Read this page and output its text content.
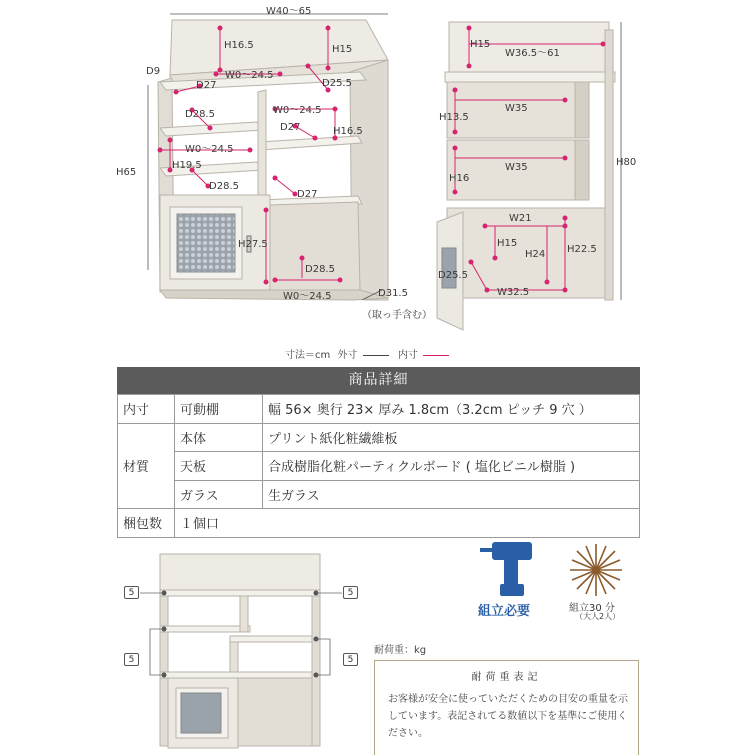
W40〜65
H16.5	H15
D9	W0〜24.5
D27	D25.5
W0〜24.5
D28.5
D27	H16.5
W0〜24.5
H65
H19.5
D28.5
D27
H27.5
D28.5
W0〜24.5	D31.5
（取っ手含む）
H15
W36.5〜61
H80
W35
H13.5
W35
H16
W21
H15
H24 H22.5
D25.5
W32.5
寸法＝cm 外寸	内寸
商品詳細
内寸	可動棚	幅 56× 奥行 23× 厚み 1.8cm（3.2cm ピッチ 9 穴 ）
材質	本体	プリント紙化粧繊維板
	天板	合成樹脂化粧パーティクルボード ( 塩化ビニル樹脂 )
	ガラス	生ガラス
梱包数	１個口	
5	5
5	5
組立必要	組立30 分
（大人2人）
耐荷重：kg
耐荷重表記
お客様が安全に使っていただくための目安の重量を示しています。表記されてる数値以下を基準にご使用ください。
